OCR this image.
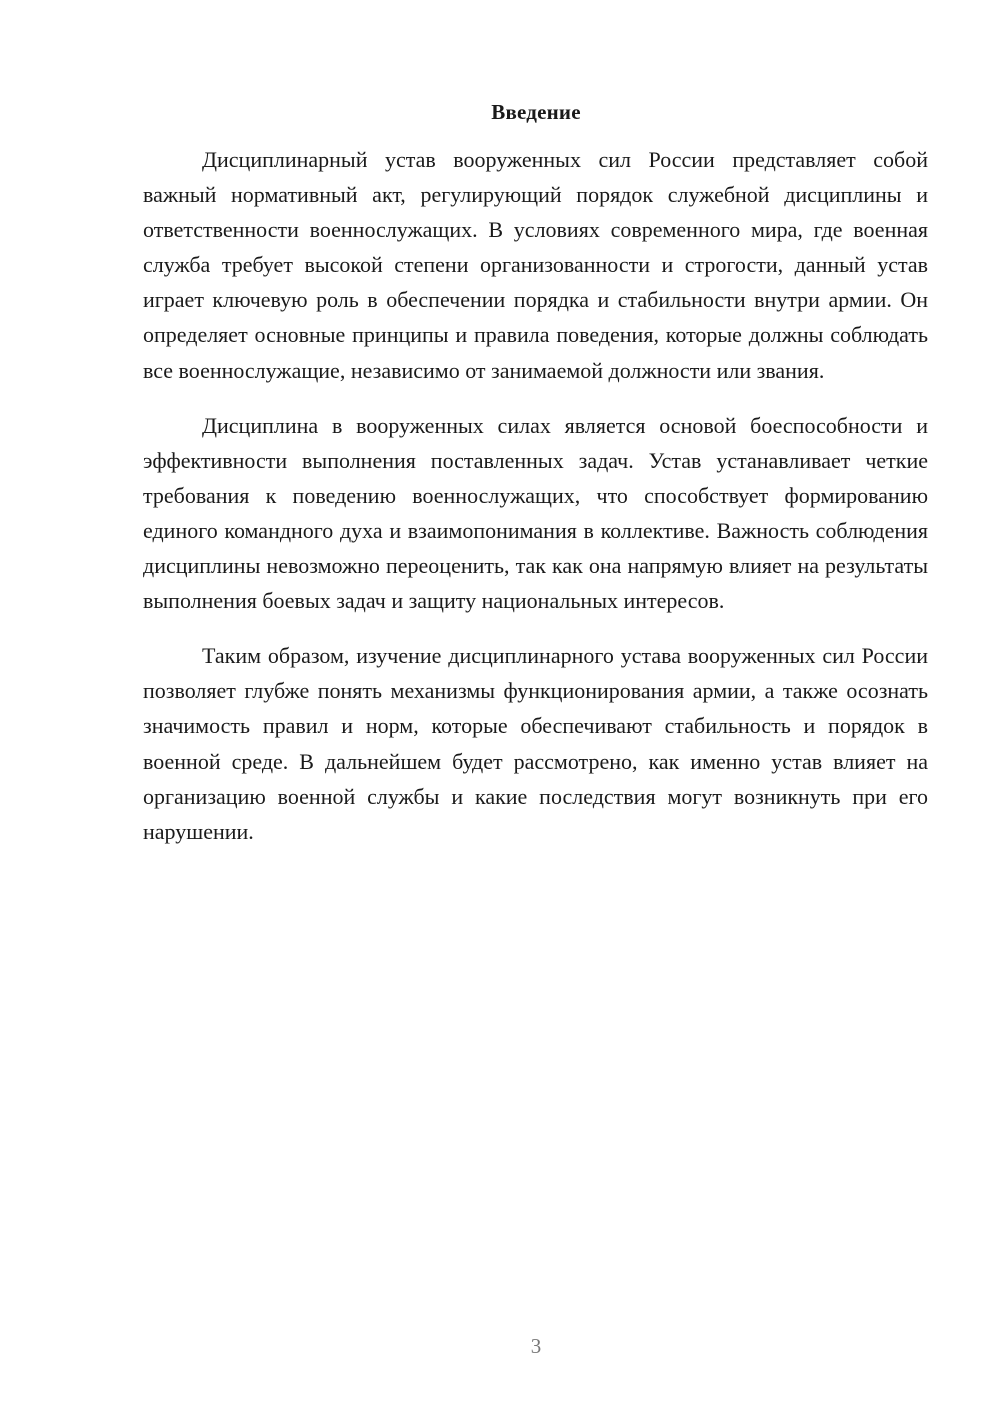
Введение

Дисциплинарный устав вооруженных сил России представляет собой важный нормативный акт, регулирующий порядок служебной дисциплины и ответственности военнослужащих. В условиях современного мира, где военная служба требует высокой степени организованности и строгости, данный устав играет ключевую роль в обеспечении порядка и стабильности внутри армии. Он определяет основные принципы и правила поведения, которые должны соблюдать все военнослужащие, независимо от занимаемой должности или звания.

Дисциплина в вооруженных силах является основой боеспособности и эффективности выполнения поставленных задач. Устав устанавливает четкие требования к поведению военнослужащих, что способствует формированию единого командного духа и взаимопонимания в коллективе. Важность соблюдения дисциплины невозможно переоценить, так как она напрямую влияет на результаты выполнения боевых задач и защиту национальных интересов.

Таким образом, изучение дисциплинарного устава вооруженных сил России позволяет глубже понять механизмы функционирования армии, а также осознать значимость правил и норм, которые обеспечивают стабильность и порядок в военной среде. В дальнейшем будет рассмотрено, как именно устав влияет на организацию военной службы и какие последствия могут возникнуть при его нарушении.

3
